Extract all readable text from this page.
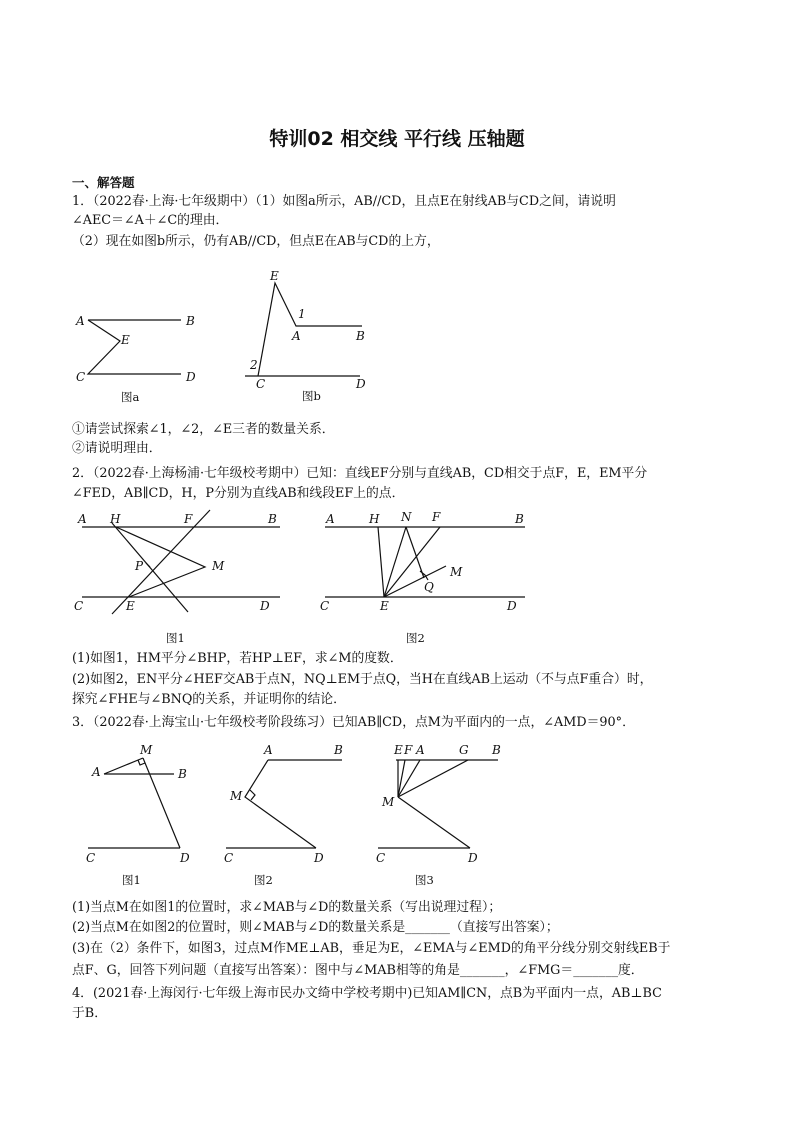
特训02 相交线 平行线 压轴题
一、解答题
1．（2022春·上海·七年级期中）（1）如图a所示，AB//CD，且点E在射线AB与CD之间，请说明
∠AEC＝∠A＋∠C的理由．
（2）现在如图b所示，仍有AB//CD，但点E在AB与CD的上方，
①请尝试探索∠1，∠2，∠E三者的数量关系．
②请说明理由．
2．（2022春·上海杨浦·七年级校考期中）已知：直线EF分别与直线AB，CD相交于点F，E，EM平分
∠FED，AB∥CD，H，P分别为直线AB和线段EF上的点．
(1)如图1，HM平分∠BHP，若HP⊥EF，求∠M的度数．
(2)如图2，EN平分∠HEF交AB于点N，NQ⊥EM于点Q，当H在直线AB上运动（不与点F重合）时，
探究∠FHE与∠BNQ的关系，并证明你的结论．
3．（2022春·上海宝山·七年级校考阶段练习）已知AB∥CD，点M为平面内的一点，∠AMD＝90°．
(1)当点M在如图1的位置时，求∠MAB与∠D的数量关系（写出说理过程）；
(2)当点M在如图2的位置时，则∠MAB与∠D的数量关系是_______（直接写出答案）；
(3)在（2）条件下，如图3，过点M作ME⊥AB，垂足为E，∠EMA与∠EMD的角平分线分别交射线EB于
点F、G，回答下列问题（直接写出答案）：图中与∠MAB相等的角是_______，∠FMG＝_______度．
4．(2021春·上海闵行·七年级上海市民办文绮中学校考期中)已知AM∥CN，点B为平面内一点，AB⊥BC
于B．
A	B
E
C	D
图a
E
1
A	B
2
C	D
图b
A H	F	B
P	M
C	E	D
图1
A	H N F	B
M
Q
C	E	D
图2
M
A	B
C	D
图1
A	B
M
C	D
图2
E F A	G B
M
C	D
图3
